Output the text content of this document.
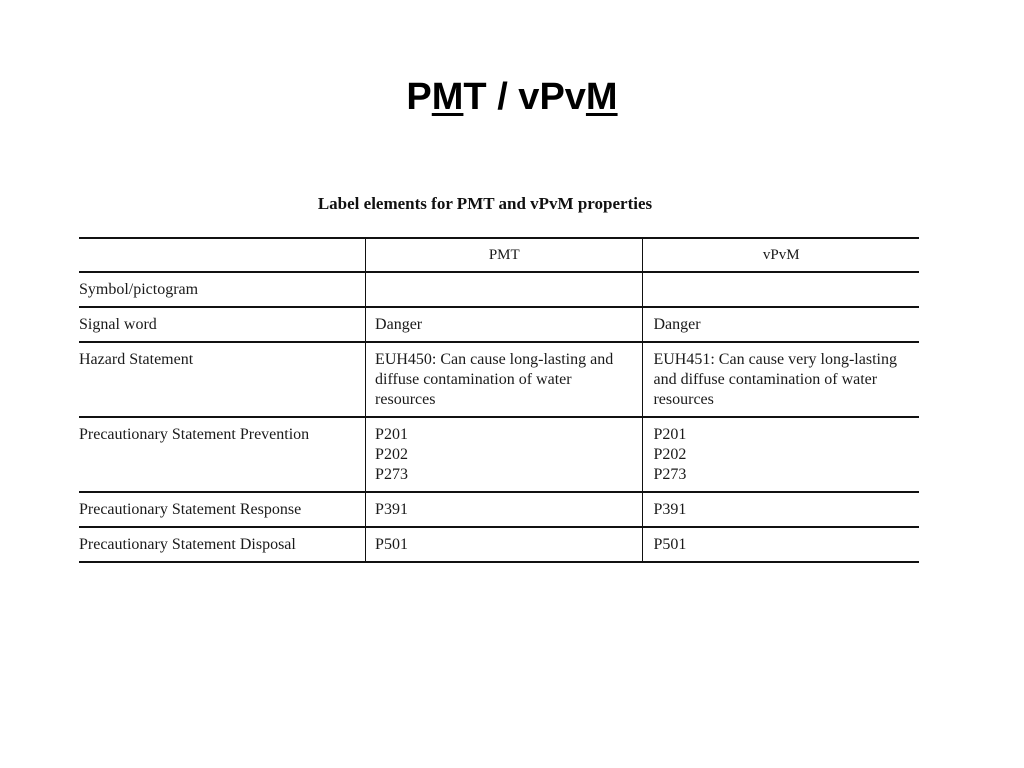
PMT / vPvM
Label elements for PMT and vPvM properties
	PMT	vPvM
Symbol/pictogram	

Signal word	Danger	Danger

Hazard Statement	EUH450: Can cause long-lasting and
diffuse contamination of water
resources	EUH451: Can cause very long-lasting
and diffuse contamination of water
resources

Precautionary Statement Prevention	P201
P202
P273	P201
P202
P273

Precautionary Statement Response	P391	P391

Precautionary Statement Disposal	P501	P501
